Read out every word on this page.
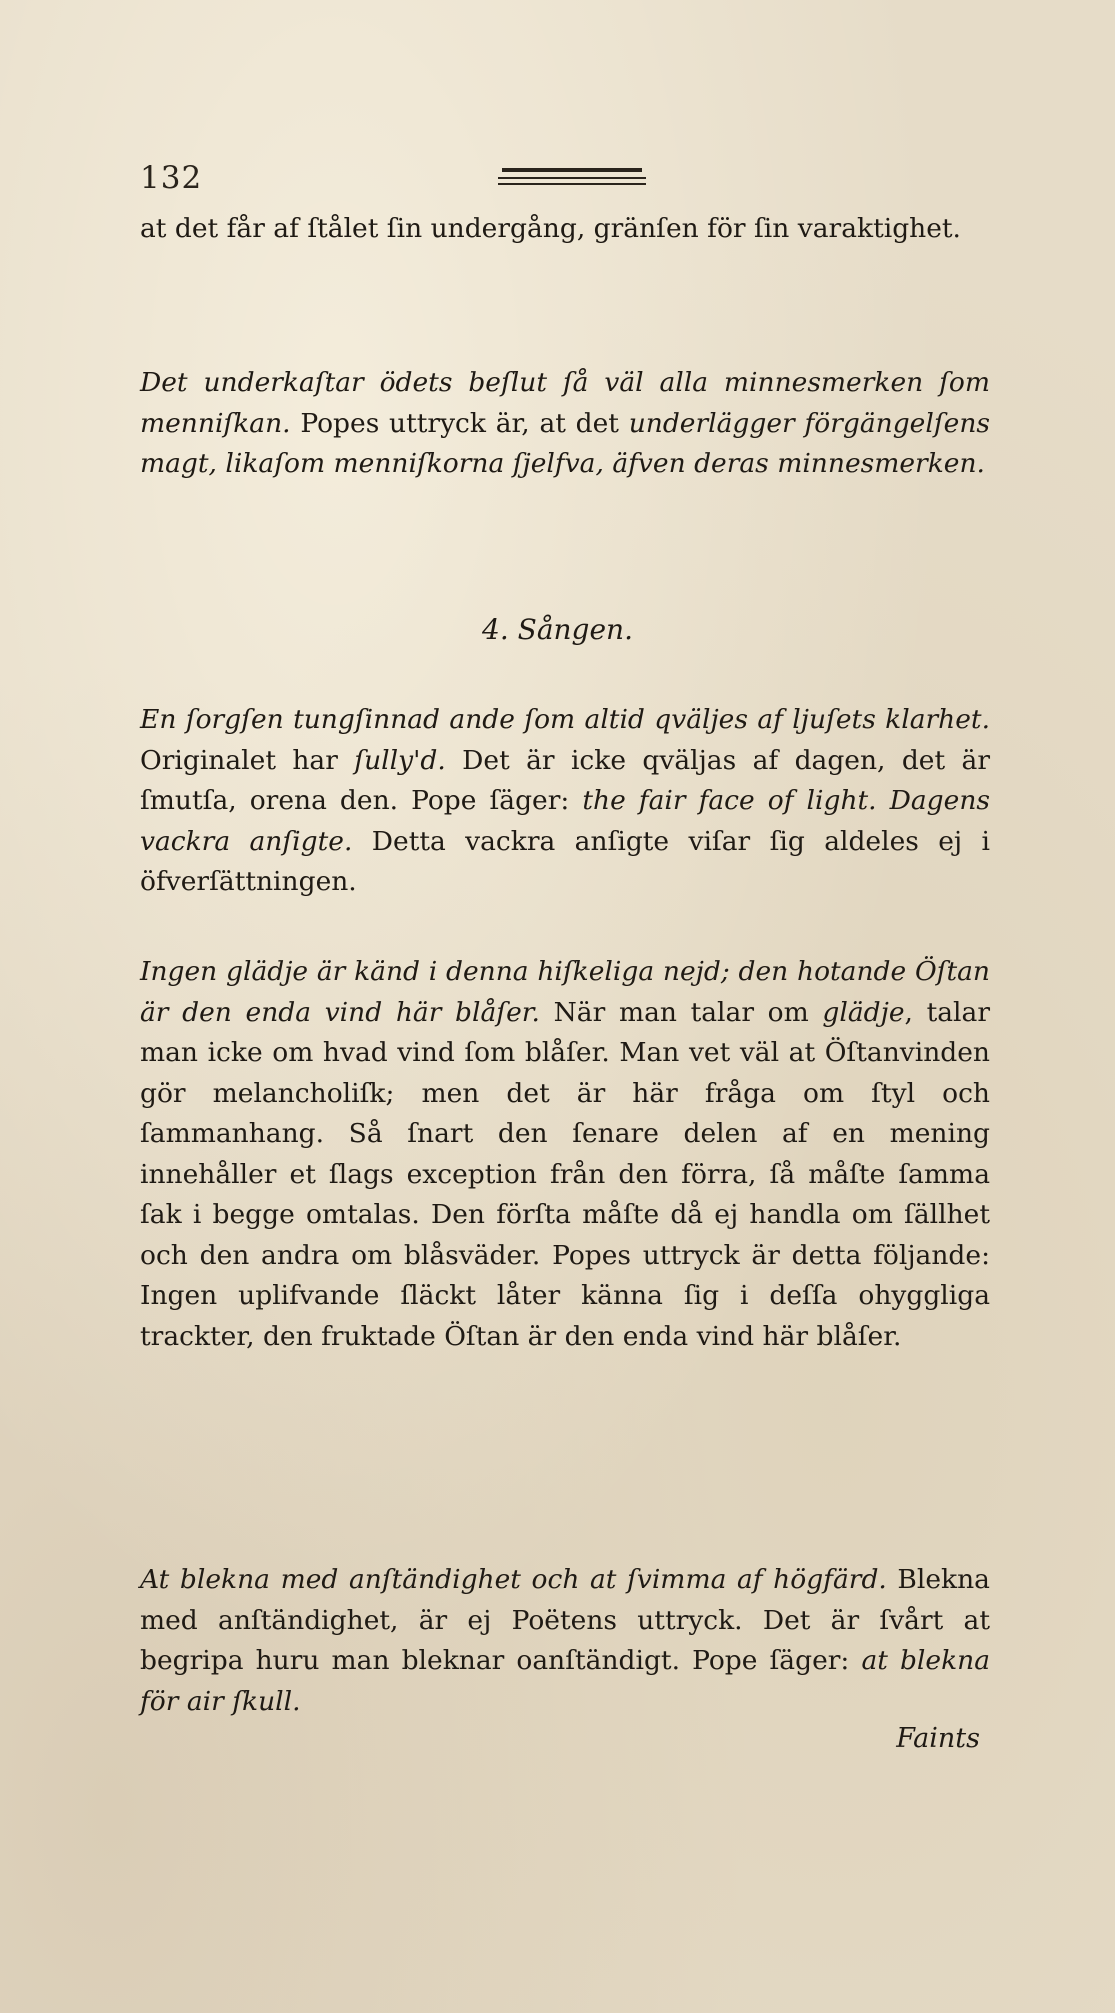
132

at det får af ſtålet ſin undergång, gränſen för ſin varaktighet.

Det underkaſtar ödets beſlut ſå väl alla minnesmerken ſom menniſkan. Popes uttryck är, at det underlägger förgängelſens magt, likaſom menniſkorna ſjelfva, äfven deras minnesmerken.

4. Sången.

En ſorgſen tungſinnad ande ſom altid qväljes af ljuſets klarhet. Originalet har ſully'd. Det är icke qväljas af dagen, det är ſmutſa, orena den. Pope ſäger: the fair face of light. Dagens vackra anſigte. Detta vackra anſigte viſar ſig aldeles ej i öfverſättningen.

Ingen glädje är känd i denna hiſkeliga nejd; den hotande Öſtan är den enda vind här blåſer. När man talar om glädje, talar man icke om hvad vind ſom blåſer. Man vet väl at Öſtanvinden gör melancholiſk; men det är här fråga om ſtyl och ſammanhang. Så ſnart den ſenare delen af en mening innehåller et ſlags exception från den förra, ſå måſte ſamma ſak i begge omtalas. Den förſta måſte då ej handla om ſällhet och den andra om blåsväder. Popes uttryck är detta följande: Ingen uplifvande ſläckt låter känna ſig i deſſa ohyggliga trackter, den fruktade Öſtan är den enda vind här blåſer.

At blekna med anſtändighet och at ſvimma af högfärd. Blekna med anſtändighet, är ej Poëtens uttryck. Det är ſvårt at begripa huru man bleknar oanſtändigt. Pope ſäger: at blekna för air ſkull.

Faints
